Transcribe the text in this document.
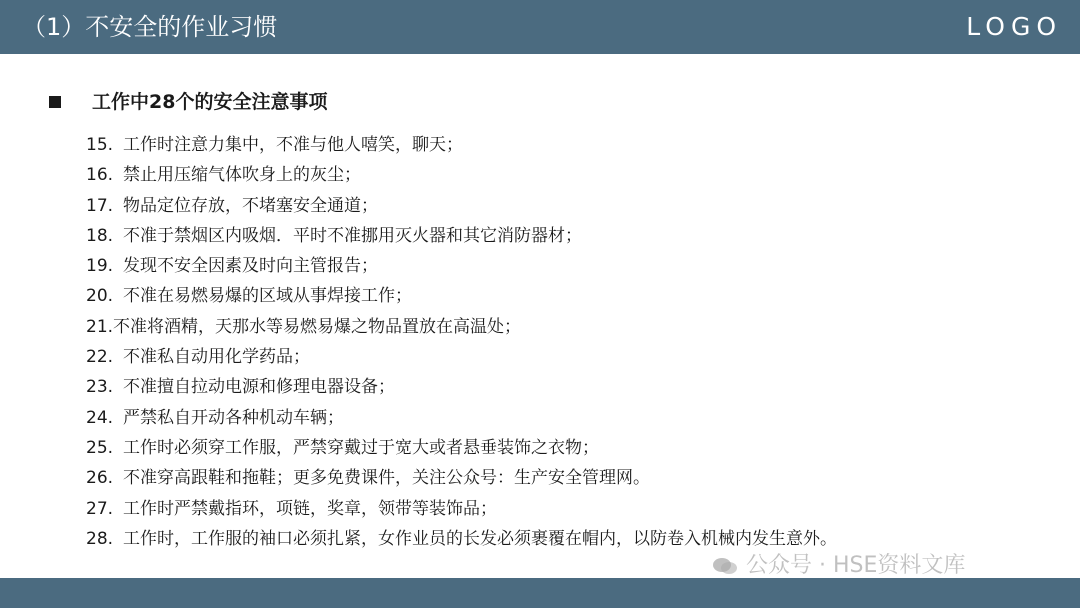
（1）不安全的作业习惯	LOGO
工作中28个的安全注意事项
15. 工作时注意力集中，不准与他人嘻笑，聊天；
16. 禁止用压缩气体吹身上的灰尘；
17. 物品定位存放，不堵塞安全通道；
18. 不准于禁烟区内吸烟．平时不准挪用灭火器和其它消防器材；
19. 发现不安全因素及时向主管报告；
20. 不准在易燃易爆的区域从事焊接工作；
21.不准将酒精，天那水等易燃易爆之物品置放在高温处；
22. 不准私自动用化学药品；
23. 不准擅自拉动电源和修理电器设备；
24. 严禁私自开动各种机动车辆；
25. 工作时必须穿工作服，严禁穿戴过于宽大或者悬垂装饰之衣物；
26. 不准穿高跟鞋和拖鞋；更多免费课件，关注公众号：生产安全管理网。
27. 工作时严禁戴指环，项链，奖章，领带等装饰品；
28. 工作时，工作服的袖口必须扎紧，女作业员的长发必须裹覆在帽内，以防卷入机械内发生意外。
公众号 · HSE资料文库
